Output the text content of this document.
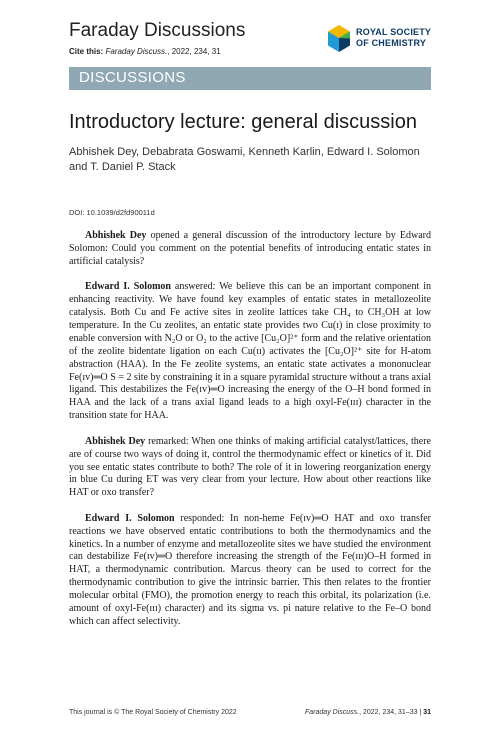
Faraday Discussions
Cite this: Faraday Discuss., 2022, 234, 31
ROYAL SOCIETY
OF CHEMISTRY
DISCUSSIONS
Introductory lecture: general discussion
Abhishek Dey, Debabrata Goswami, Kenneth Karlin, Edward I. Solomon and T. Daniel P. Stack
DOI: 10.1039/d2fd90011d

Abhishek Dey opened a general discussion of the introductory lecture by Edward Solomon: Could you comment on the potential benefits of introducing entatic states in artificial catalysis?

Edward I. Solomon answered: We believe this can be an important component in enhancing reactivity. We have found key examples of entatic states in metallozeolite catalysis. Both Cu and Fe active sites in zeolite lattices take CH₄ to CH₃OH at low temperature. In the Cu zeolites, an entatic state provides two Cu(ɪ) in close proximity to enable conversion with N₂O or O₂ to the active [Cu₂O]²⁺ form and the relative orientation of the zeolite bidentate ligation on each Cu(ɪɪ) activates the [Cu₂O]²⁺ site for H-atom abstraction (HAA). In the Fe zeolite systems, an entatic state activates a mononuclear Fe(ɪᴠ)═O S = 2 site by constraining it in a square pyramidal structure without a trans axial ligand. This destabilizes the Fe(ɪᴠ)═O increasing the energy of the O–H bond formed in HAA and the lack of a trans axial ligand leads to a high oxyl-Fe(ɪɪɪ) character in the transition state for HAA.

Abhishek Dey remarked: When one thinks of making artificial catalyst/lattices, there are of course two ways of doing it, control the thermodynamic effect or kinetics of it. Did you see entatic states contribute to both? The role of it in lowering reorganization energy in blue Cu during ET was very clear from your lecture. How about other reactions like HAT or oxo transfer?

Edward I. Solomon responded: In non-heme Fe(ɪᴠ)═O HAT and oxo transfer reactions we have observed entatic contributions to both the thermodynamics and the kinetics. In a number of enzyme and metallozeolite sites we have studied the environment can destabilize Fe(ɪᴠ)═O therefore increasing the strength of the Fe(ɪɪɪ)O–H formed in HAT, a thermodynamic contribution. Marcus theory can be used to correct for the thermodynamic contribution to give the intrinsic barrier. This then relates to the frontier molecular orbital (FMO), the promotion energy to reach this orbital, its polarization (i.e. amount of oxyl-Fe(ɪɪɪ) character) and its sigma vs. pi nature relative to the Fe–O bond which can affect selectivity.

This journal is © The Royal Society of Chemistry 2022	Faraday Discuss., 2022, 234, 31–33 | 31
